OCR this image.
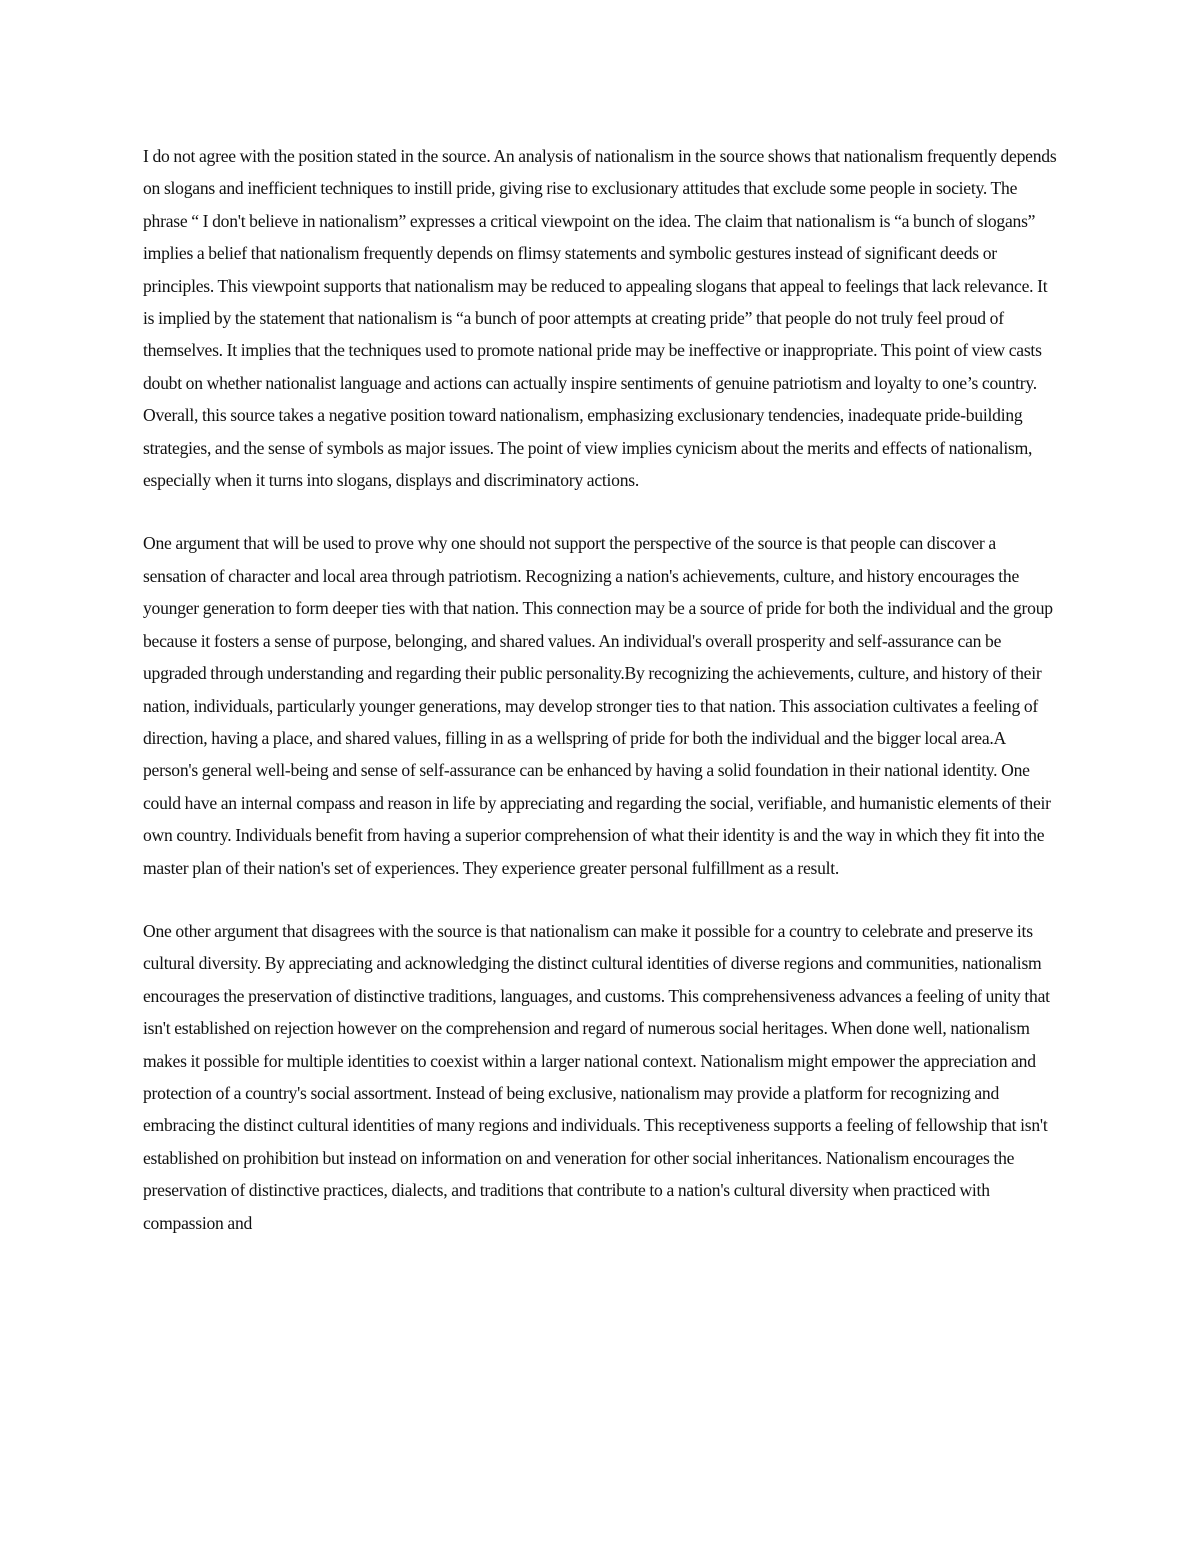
I do not agree with the position stated in the source. An analysis of nationalism in the source shows that nationalism frequently depends on slogans and inefficient techniques to instill pride, giving rise to exclusionary attitudes that exclude some people in society. The phrase “ I don't believe in nationalism” expresses a critical viewpoint on the idea. The claim that nationalism is “a bunch of slogans” implies a belief that nationalism frequently depends on flimsy statements and symbolic gestures instead of significant deeds or principles. This viewpoint supports that nationalism may be reduced to appealing slogans that appeal to feelings that lack relevance. It is implied by the statement that nationalism is “a bunch of poor attempts at creating pride” that people do not truly feel proud of themselves. It implies that the techniques used to promote national pride may be ineffective or inappropriate. This point of view casts doubt on whether nationalist language and actions can actually inspire sentiments of genuine patriotism and loyalty to one’s country. Overall, this source takes a negative position toward nationalism, emphasizing exclusionary tendencies, inadequate pride-building strategies, and the sense of symbols as major issues. The point of view implies cynicism about the merits and effects of nationalism, especially when it turns into slogans, displays and discriminatory actions.

One argument that will be used to prove why one should not support the perspective of the source is that people can discover a sensation of character and local area through patriotism. Recognizing a nation's achievements, culture, and history encourages the younger generation to form deeper ties with that nation. This connection may be a source of pride for both the individual and the group because it fosters a sense of purpose, belonging, and shared values. An individual's overall prosperity and self-assurance can be upgraded through understanding and regarding their public personality.By recognizing the achievements, culture, and history of their nation, individuals, particularly younger generations, may develop stronger ties to that nation. This association cultivates a feeling of direction, having a place, and shared values, filling in as a wellspring of pride for both the individual and the bigger local area.A person's general well-being and sense of self-assurance can be enhanced by having a solid foundation in their national identity. One could have an internal compass and reason in life by appreciating and regarding the social, verifiable, and humanistic elements of their own country. Individuals benefit from having a superior comprehension of what their identity is and the way in which they fit into the master plan of their nation's set of experiences. They experience greater personal fulfillment as a result.

One other argument that disagrees with the source is that nationalism can make it possible for a country to celebrate and preserve its cultural diversity. By appreciating and acknowledging the distinct cultural identities of diverse regions and communities, nationalism encourages the preservation of distinctive traditions, languages, and customs. This comprehensiveness advances a feeling of unity that isn't established on rejection however on the comprehension and regard of numerous social heritages. When done well, nationalism makes it possible for multiple identities to coexist within a larger national context. Nationalism might empower the appreciation and protection of a country's social assortment. Instead of being exclusive, nationalism may provide a platform for recognizing and embracing the distinct cultural identities of many regions and individuals. This receptiveness supports a feeling of fellowship that isn't established on prohibition but instead on information on and veneration for other social inheritances. Nationalism encourages the preservation of distinctive practices, dialects, and traditions that contribute to a nation's cultural diversity when practiced with compassion and
